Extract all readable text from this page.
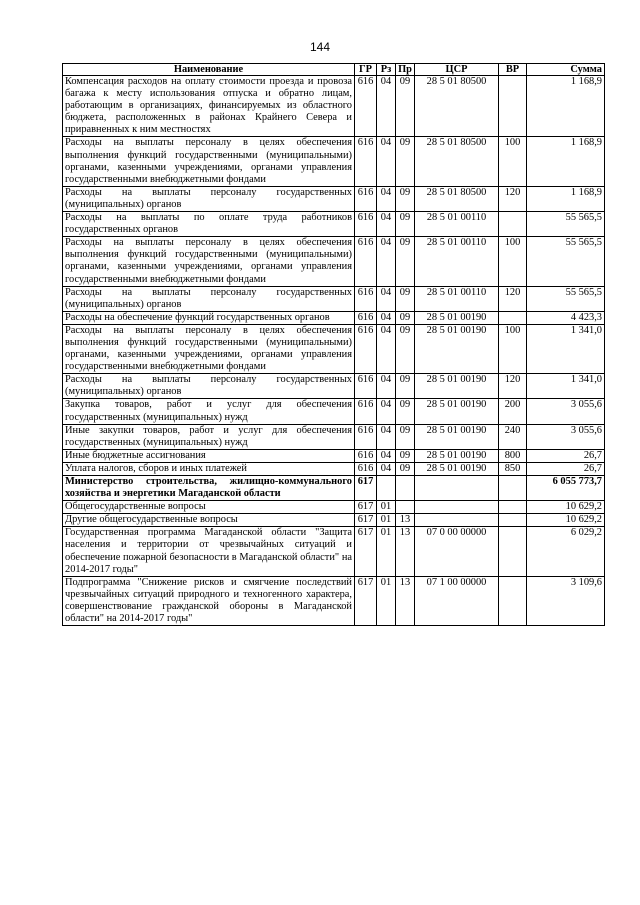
144
Наименование	ГР	Рз	Пр	ЦСР	ВР	Сумма
Компенсация расходов на оплату стоимости проезда и провоза багажа к месту использования отпуска и обратно лицам, работающим в организациях, финансируемых из областного бюджета, расположенных в районах Крайнего Севера и приравненных к ним местностях	616	04	09	28 5 01 80500		1 168,9
Расходы на выплаты персоналу в целях обеспечения выполнения функций государственными (муниципальными) органами, казенными учреждениями, органами управления государственными внебюджетными фондами	616	04	09	28 5 01 80500	100	1 168,9
Расходы на выплаты персоналу государственных (муниципальных) органов	616	04	09	28 5 01 80500	120	1 168,9
Расходы на выплаты по оплате труда работников государственных органов	616	04	09	28 5 01 00110		55 565,5
Расходы на выплаты персоналу в целях обеспечения выполнения функций государственными (муниципальными) органами, казенными учреждениями, органами управления государственными внебюджетными фондами	616	04	09	28 5 01 00110	100	55 565,5
Расходы на выплаты персоналу государственных (муниципальных) органов	616	04	09	28 5 01 00110	120	55 565,5
Расходы на обеспечение функций государственных органов	616	04	09	28 5 01 00190		4 423,3
Расходы на выплаты персоналу в целях обеспечения выполнения функций государственными (муниципальными) органами, казенными учреждениями, органами управления государственными внебюджетными фондами	616	04	09	28 5 01 00190	100	1 341,0
Расходы на выплаты персоналу государственных (муниципальных) органов	616	04	09	28 5 01 00190	120	1 341,0
Закупка товаров, работ и услуг для обеспечения государственных (муниципальных) нужд	616	04	09	28 5 01 00190	200	3 055,6
Иные закупки товаров, работ и услуг для обеспечения государственных (муниципальных) нужд	616	04	09	28 5 01 00190	240	3 055,6
Иные бюджетные ассигнования	616	04	09	28 5 01 00190	800	26,7
Уплата налогов, сборов и иных платежей	616	04	09	28 5 01 00190	850	26,7
Министерство строительства, жилищно-коммунального хозяйства и энергетики Магаданской области	617					6 055 773,7
Общегосударственные вопросы	617	01				10 629,2
Другие общегосударственные вопросы	617	01	13			10 629,2
Государственная программа Магаданской области "Защита населения и территории от чрезвычайных ситуаций и обеспечение пожарной безопасности в Магаданской области" на 2014-2017 годы"	617	01	13	07 0 00 00000		6 029,2
Подпрограмма "Снижение рисков и смягчение последствий чрезвычайных ситуаций природного и техногенного характера, совершенствование гражданской обороны в Магаданской области" на 2014-2017 годы"	617	01	13	07 1 00 00000		3 109,6
